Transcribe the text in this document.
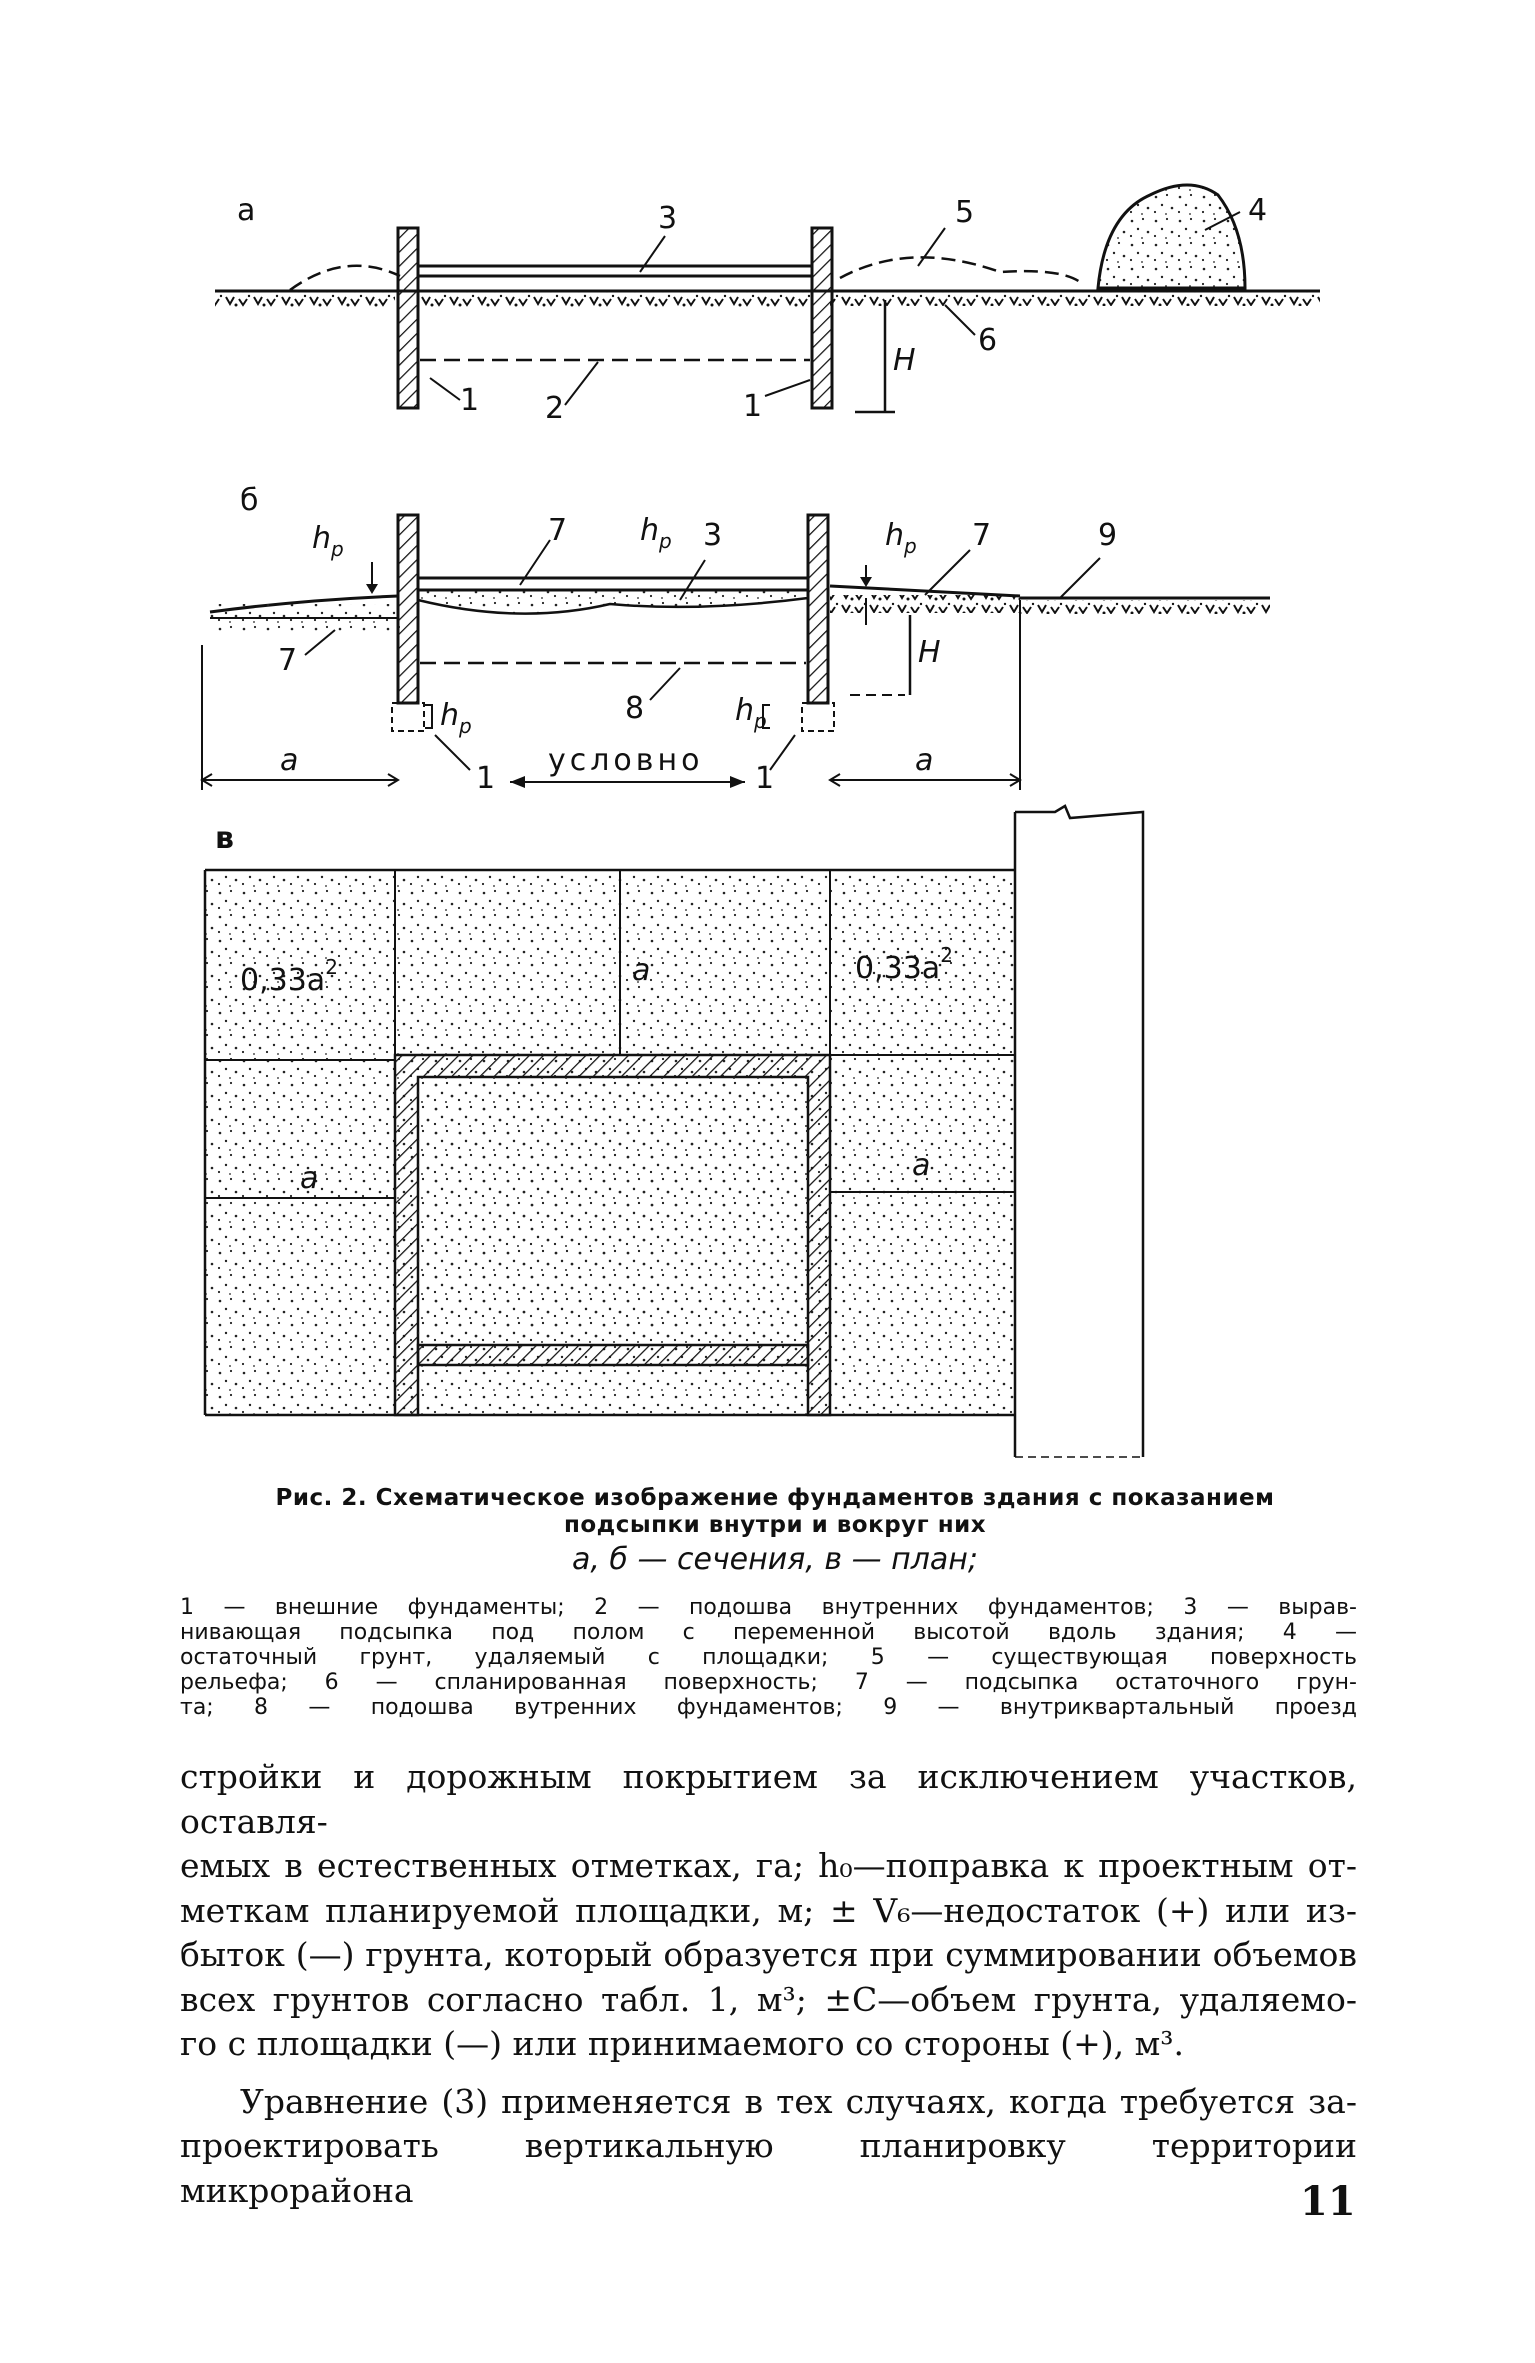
а
H
1 2	1
3	5	4
6
б
H
$h_р$
$h_р$	$h_р$
$h_р$	$h_р$
7	3	7	9
7
8
1	1
a	a
условно
в
$0,33a^2$	$0,33a^2$
a
a	a
Рис. 2. Схематическое изображение фундаментов здания с показанием
подсыпки внутри и вокруг них
а, б — сечения, в — план;

1 — внешние фундаменты; 2 — подошва внутренних фундаментов; 3 — вырав-

нивающая подсыпка под полом с переменной высотой вдоль здания; 4 —

остаточный грунт, удаляемый с площадки; 5 — существующая поверхность

рельефа; 6 — спланированная поверхность; 7 — подсыпка остаточного грун-

та; 8 — подошва вутренних фундаментов; 9 — внутриквартальный проезд

стройки и дорожным покрытием за исключением участков, оставля-

емых в естественных отметках, га; h₀—поправка к проектным от-

меткам планируемой площадки, м; ± V₆—недостаток (+) или из-

быток (—) грунта, который образуется при суммировании объемов

всех грунтов согласно табл. 1, м³; ±C—объем грунта, удаляемо-

го с площадки (—) или принимаемого со стороны (+), м³.

Уравнение (3) применяется в тех случаях, когда требуется за-

проектировать вертикальную планировку территории микрорайона	11
